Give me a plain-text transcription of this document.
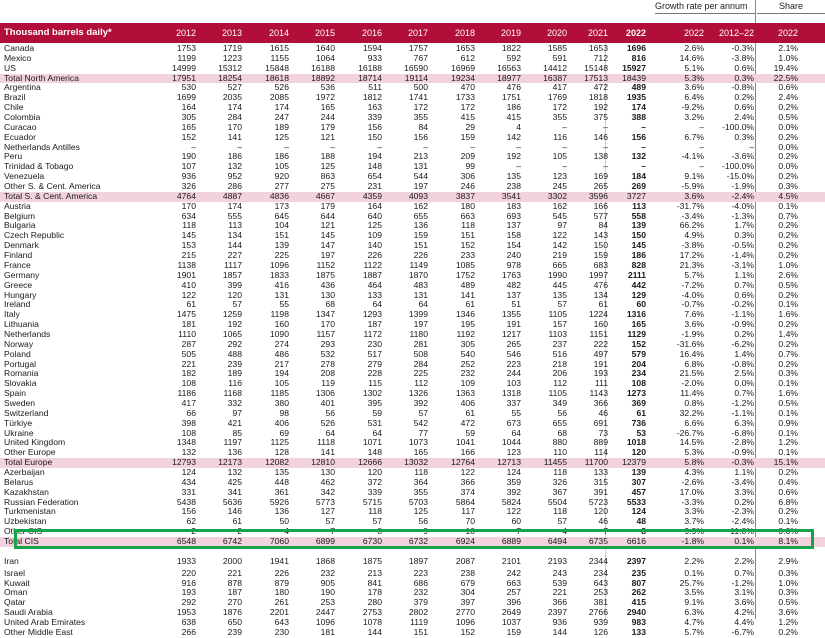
Growth rate per annum	Share
Thousand barrels daily*	2012	2013	2014	2015	2016	2017	2018	2019	2020	2021	2022	2022	2012–22	2022
Canada	1753	1719	1615	1640	1594	1757	1653	1822	1585	1653	1696	2.6%	-0.3%	2.1%
Mexico	1199	1223	1155	1064	933	767	612	592	591	712	816	14.6%	-3.8%	1.0%
US	14999	15312	15848	16188	16188	16590	16969	16563	14412	15148	15927	5.1%	0.6%	19.4%
Total North America	17951	18254	18618	18892	18714	19114	19234	18977	16387	17513	18439	5.3%	0.3%	22.5%
Argentina	530	527	526	536	511	500	470	476	417	472	489	3.6%	-0.8%	0.6%
Brazil	1699	2035	2085	1972	1812	1741	1733	1751	1769	1818	1935	6.4%	0.2%	2.4%
Chile	164	174	174	165	163	172	172	186	172	192	174	-9.2%	0.6%	0.2%
Colombia	305	284	247	244	339	355	415	415	355	375	388	3.2%	2.4%	0.5%
Curacao	165	170	189	179	156	84	29	4	–	–	–	–	-100.0%	0.0%
Ecuador	152	141	125	121	150	156	159	142	116	146	156	6.7%	0.3%	0.2%
Netherlands Antilles	–	–	–	–	–	–	–	–	–	–	–	–	–	0.0%
Peru	190	186	186	188	194	213	209	192	105	138	132	-4.1%	-3.6%	0.2%
Trinidad & Tobago	107	132	105	125	148	131	99	–	–	–	–	–	-100.0%	0.0%
Venezuela	936	952	920	863	654	544	306	135	123	169	184	9.1%	-15.0%	0.2%
Other S. & Cent. America	326	286	277	275	231	197	246	238	245	265	269	-5.9%	-1.9%	0.3%
Total S. & Cent. America	4764	4887	4836	4667	4359	4093	3837	3541	3302	3596	3727	3.6%	-2.4%	4.5%
Austria	170	174	173	179	164	162	180	183	162	166	113	-31.7%	-4.0%	0.1%
Belgium	634	555	645	644	640	655	663	693	545	577	558	-3.4%	-1.3%	0.7%
Bulgaria	118	113	104	121	125	136	118	137	97	84	139	66.2%	1.7%	0.2%
Czech Republic	145	134	151	145	109	159	151	158	122	143	150	4.9%	0.3%	0.2%
Denmark	153	144	139	147	140	151	152	154	142	150	145	-3.8%	-0.5%	0.2%
Finland	215	227	225	197	226	226	233	240	219	159	186	17.2%	-1.4%	0.2%
France	1138	1117	1096	1152	1122	1149	1085	978	665	683	828	21.3%	-3.1%	1.0%
Germany	1901	1857	1833	1875	1887	1870	1752	1763	1990	1997	2111	5.7%	1.1%	2.6%
Greece	410	399	416	436	464	483	489	482	445	476	442	-7.2%	0.7%	0.5%
Hungary	122	120	131	130	133	131	141	137	135	134	129	-4.0%	0.6%	0.2%
Ireland	61	57	55	68	64	64	61	51	57	61	60	-0.7%	-0.2%	0.1%
Italy	1475	1259	1198	1347	1293	1399	1346	1355	1105	1224	1316	7.6%	-1.1%	1.6%
Lithuania	181	192	160	170	187	197	195	191	157	160	165	3.6%	-0.9%	0.2%
Netherlands	1110	1065	1090	1157	1172	1180	1192	1217	1103	1151	1129	-1.9%	0.2%	1.4%
Norway	287	292	274	293	230	281	305	265	237	222	152	-31.6%	-6.2%	0.2%
Poland	505	488	486	532	517	508	540	546	516	497	579	16.4%	1.4%	0.7%
Portugal	221	239	217	278	279	284	252	223	218	191	204	6.8%	-0.8%	0.2%
Romania	182	189	194	208	228	225	232	244	206	193	234	21.5%	2.5%	0.3%
Slovakia	108	116	105	119	115	112	109	103	112	111	108	-2.0%	0.0%	0.1%
Spain	1186	1168	1185	1306	1302	1326	1363	1318	1105	1143	1273	11.4%	0.7%	1.6%
Sweden	417	332	380	401	395	392	406	337	349	366	369	0.8%	-1.2%	0.5%
Switzerland	66	97	98	56	59	57	61	55	56	46	61	32.2%	-1.1%	0.1%
Türkiye	398	421	406	526	531	542	472	673	655	691	736	6.6%	6.3%	0.9%
Ukraine	108	85	69	64	64	77	59	64	68	73	53	-26.7%	-6.8%	0.1%
United Kingdom	1348	1197	1125	1118	1071	1073	1041	1044	880	889	1018	14.5%	-2.8%	1.2%
Other Europe	132	136	128	141	148	165	166	123	110	114	120	5.3%	-0.9%	0.1%
Total Europe	12793	12173	12082	12810	12666	13032	12764	12713	11455	11700	12379	5.8%	-0.3%	15.1%
Azerbaijan	124	132	135	130	120	118	122	124	118	133	139	4.3%	1.1%	0.2%
Belarus	434	425	448	462	372	364	366	359	326	315	307	-2.6%	-3.4%	0.4%
Kazakhstan	331	341	361	342	339	355	374	392	367	391	457	17.0%	3.3%	0.6%
Russian Federation	5438	5636	5926	5773	5715	5703	5864	5824	5504	5723	5533	-3.3%	0.2%	6.8%
Turkmenistan	156	146	136	127	118	125	117	122	118	120	124	3.3%	-2.3%	0.2%
Uzbekistan	62	61	50	57	57	56	70	60	57	46	48	3.7%	-2.4%	0.1%
Other CIS	2	2	4	7	8	9	10	7	4	7	8	9.9%	11.8%	0.0%
Total CIS	6548	6742	7060	6899	6730	6732	6924	6889	6494	6735	6616	-1.8%	0.1%	8.1%
Iran	1933	2000	1941	1868	1875	1897	2087	2101	2193	2344	2397	2.2%	2.2%	2.9%
Israel	220	221	226	232	213	223	238	242	243	234	235	0.1%	0.7%	0.3%
Kuwait	916	878	879	905	841	686	679	663	539	643	807	25.7%	-1.2%	1.0%
Oman	193	187	180	190	178	232	304	257	221	253	262	3.5%	3.1%	0.3%
Qatar	292	270	261	253	280	379	397	396	366	381	415	9.1%	3.6%	0.5%
Saudi Arabia	1953	1876	2201	2447	2753	2802	2770	2649	2397	2766	2940	6.3%	4.2%	3.6%
United Arab Emirates	638	650	643	1096	1078	1119	1096	1037	936	939	983	4.7%	4.4%	1.2%
Other Middle East	266	239	230	181	144	151	152	159	144	126	133	5.7%	-6.7%	0.2%
